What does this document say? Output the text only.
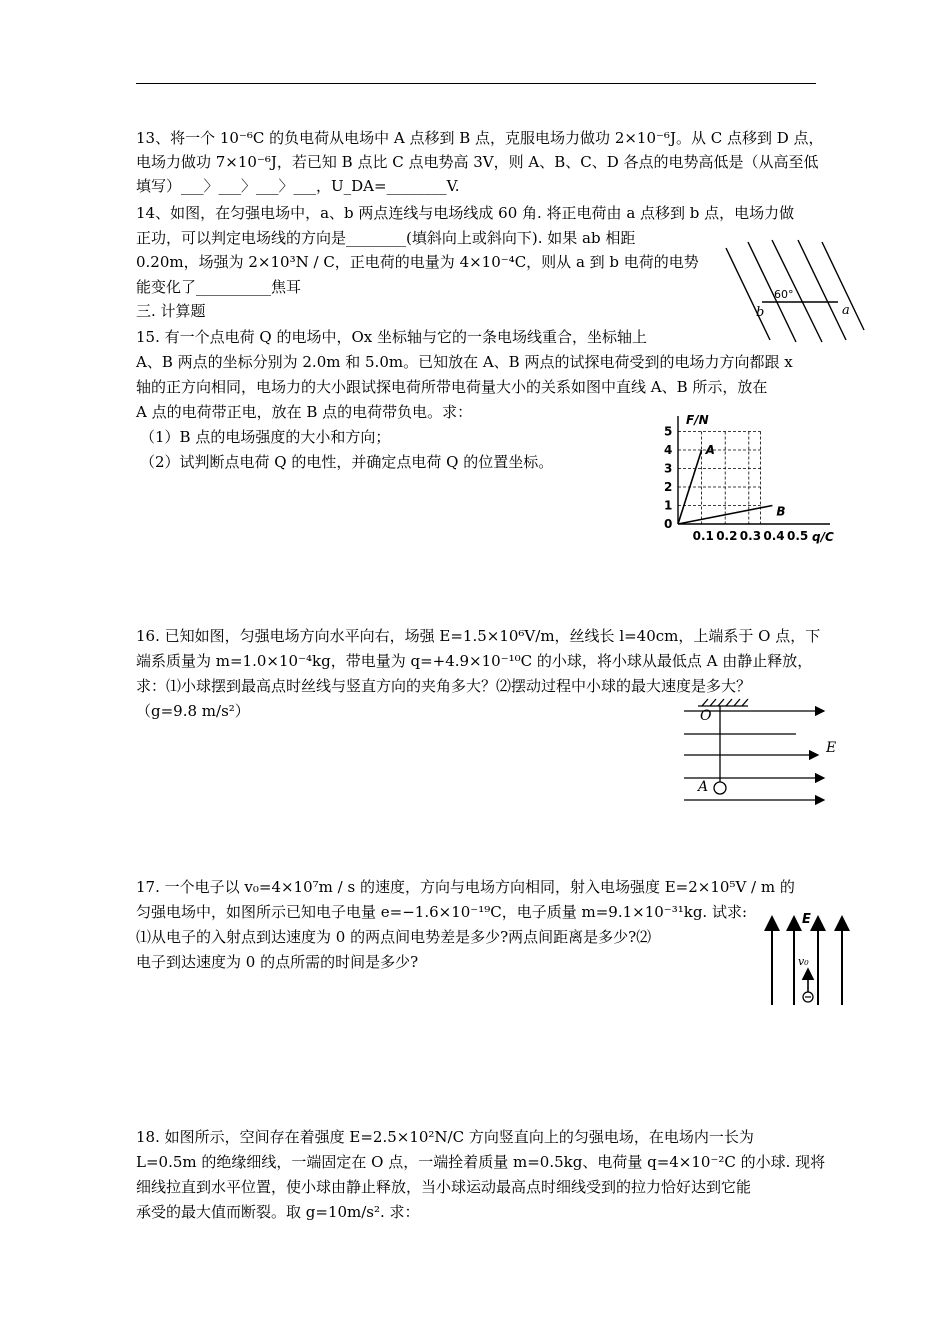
13、将一个 10⁻⁶C 的负电荷从电场中 A 点移到 B 点，克服电场力做功 2×10⁻⁶J。从 C 点移到 D 点，
电场力做功 7×10⁻⁶J，若已知 B 点比 C 点电势高 3V，则 A、B、C、D 各点的电势高低是（从高至低
填写）___〉___〉___〉___，U_DA=________V.
14、如图，在匀强电场中，a、b 两点连线与电场线成 60 角. 将正电荷由 a 点移到 b 点，电场力做
正功，可以判定电场线的方向是________(填斜向上或斜向下). 如果 ab 相距
0.20m，场强为 2×10³N / C，正电荷的电量为 4×10⁻⁴C，则从 a 到 b 电荷的电势
能变化了__________焦耳
b	a
60°
三. 计算题
15. 有一个点电荷 Q 的电场中，Ox 坐标轴与它的一条电场线重合，坐标轴上
A、B 两点的坐标分别为 2.0m 和 5.0m。已知放在 A、B 两点的试探电荷受到的电场力方向都跟 x
轴的正方向相同，电场力的大小跟试探电荷所带电荷量大小的关系如图中直线 A、B 所示，放在
A 点的电荷带正电，放在 B 点的电荷带负电。求：
（1）B 点的电场强度的大小和方向；
（2）试判断点电荷 Q 的电性，并确定点电荷 Q 的位置坐标。
0
1
2
3
4
5
0.1 0.2 0.3 0.4 0.5
A
B
F/N
q/C
16. 已知如图，匀强电场方向水平向右，场强 E=1.5×10⁶V/m，丝线长 l=40cm，上端系于 O 点，下
端系质量为 m=1.0×10⁻⁴kg，带电量为 q=+4.9×10⁻¹⁰C 的小球，将小球从最低点 A 由静止释放，
求：⑴小球摆到最高点时丝线与竖直方向的夹角多大？⑵摆动过程中小球的最大速度是多大？
（g=9.8 m/s²）	O
E
A
17. 一个电子以 v₀=4×10⁷m / s 的速度，方向与电场方向相同，射入电场强度 E=2×10⁵V / m 的
匀强电场中，如图所示已知电子电量 e=−1.6×10⁻¹⁹C，电子质量 m=9.1×10⁻³¹kg. 试求:
⑴从电子的入射点到达速度为 0 的两点间电势差是多少?两点间距离是多少?⑵
电子到达速度为 0 的点所需的时间是多少?
E
v₀
18. 如图所示，空间存在着强度 E=2.5×10²N/C 方向竖直向上的匀强电场，在电场内一长为
L=0.5m 的绝缘细线，一端固定在 O 点，一端拴着质量 m=0.5kg、电荷量 q=4×10⁻²C 的小球. 现将
细线拉直到水平位置，使小球由静止释放，当小球运动最高点时细线受到的拉力恰好达到它能
承受的最大值而断裂。取 g=10m/s². 求：
